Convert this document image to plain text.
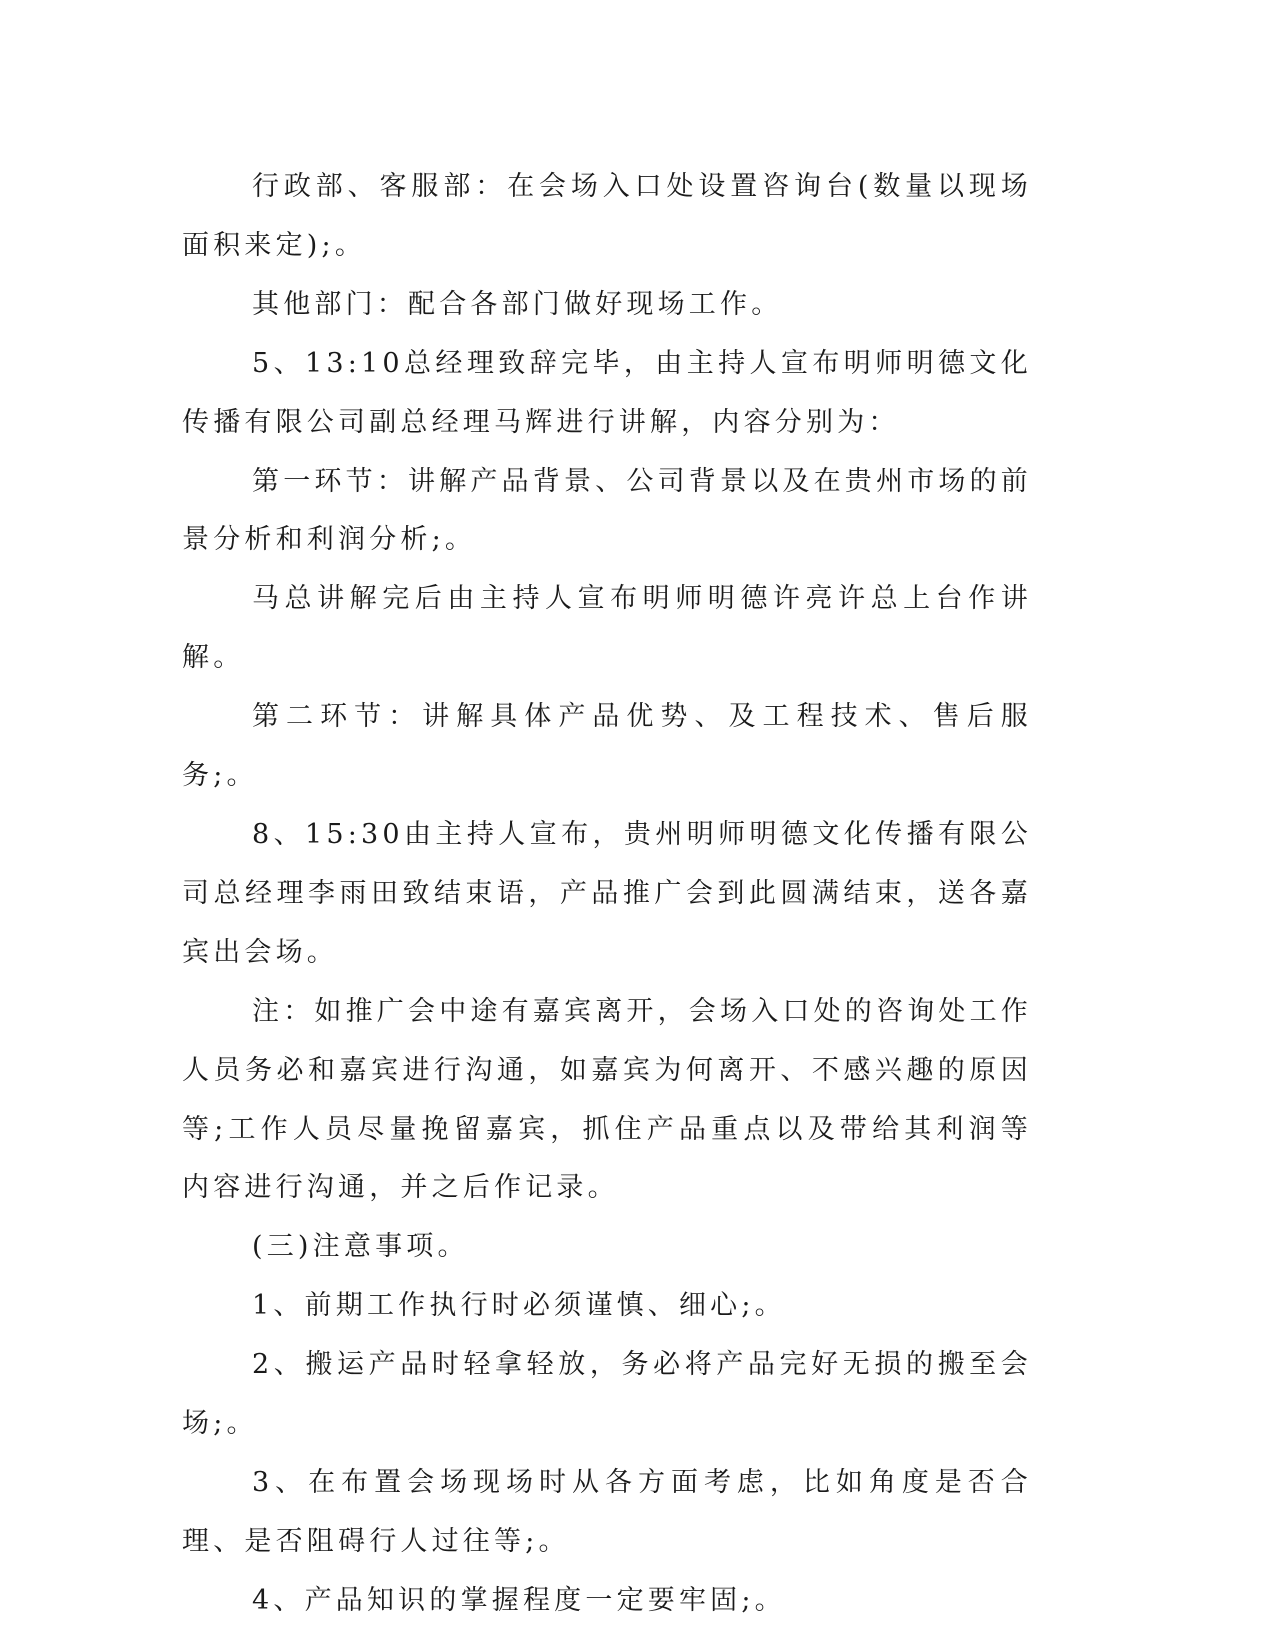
行政部、客服部：在会场入口处设置咨询台(数量以现场面积来定);。

其他部门：配合各部门做好现场工作。

5、13:10总经理致辞完毕，由主持人宣布明师明德文化传播有限公司副总经理马辉进行讲解，内容分别为：

第一环节：讲解产品背景、公司背景以及在贵州市场的前景分析和利润分析;。

马总讲解完后由主持人宣布明师明德许亮许总上台作讲解。

第二环节：讲解具体产品优势、及工程技术、售后服务;。

8、15:30由主持人宣布，贵州明师明德文化传播有限公司总经理李雨田致结束语，产品推广会到此圆满结束，送各嘉宾出会场。

注：如推广会中途有嘉宾离开，会场入口处的咨询处工作人员务必和嘉宾进行沟通，如嘉宾为何离开、不感兴趣的原因等;工作人员尽量挽留嘉宾，抓住产品重点以及带给其利润等内容进行沟通，并之后作记录。

(三)注意事项。

1、前期工作执行时必须谨慎、细心;。

2、搬运产品时轻拿轻放，务必将产品完好无损的搬至会场;。

3、在布置会场现场时从各方面考虑，比如角度是否合理、是否阻碍行人过往等;。

4、产品知识的掌握程度一定要牢固;。
